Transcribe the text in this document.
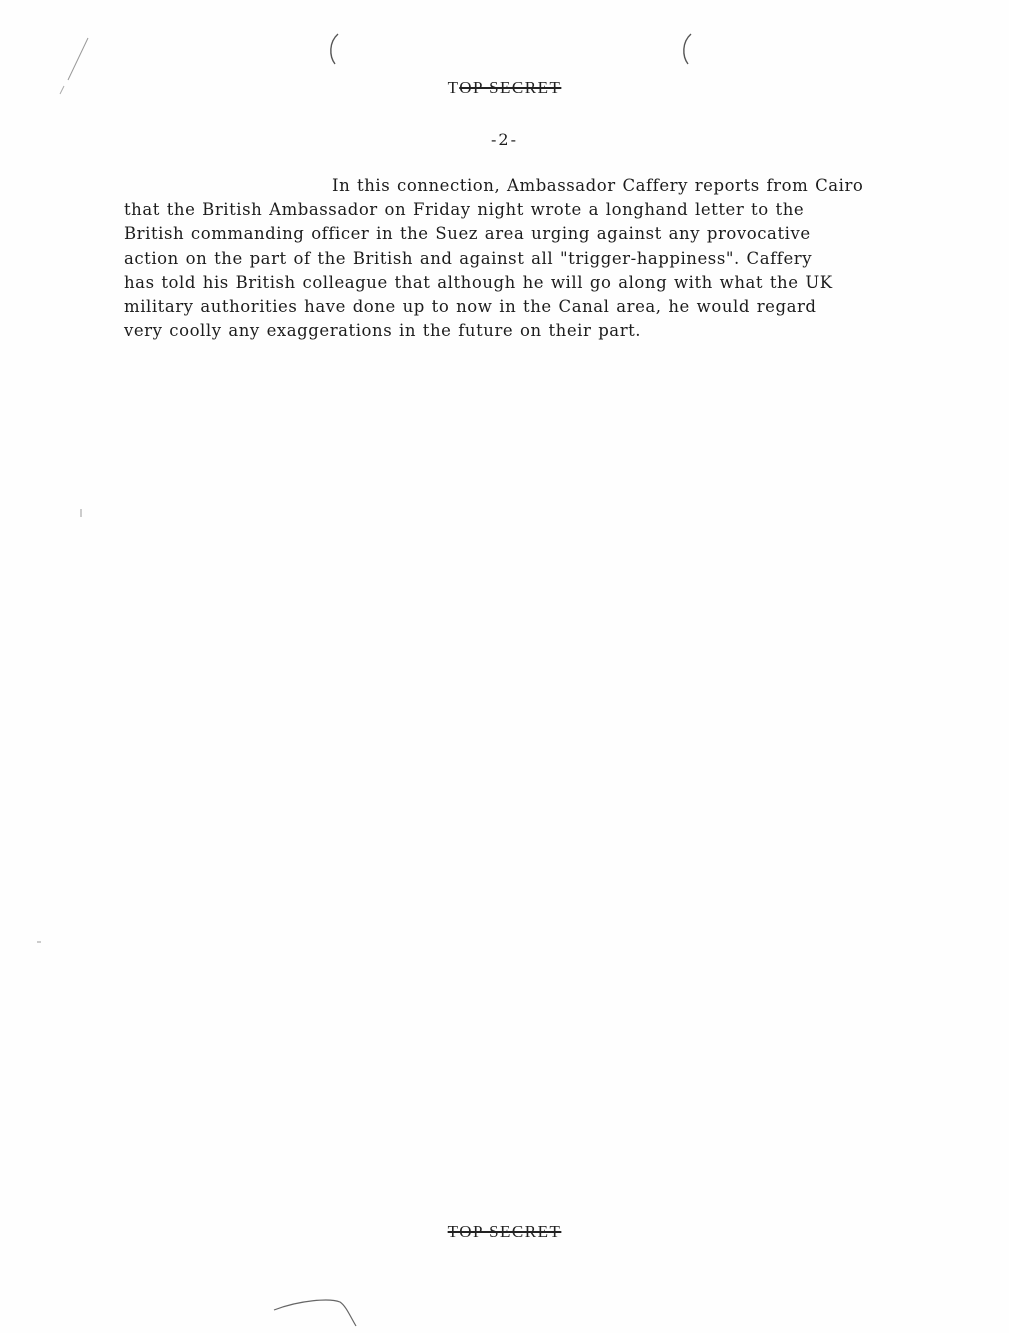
TOP SECRET
-2-
In this connection, Ambassador Caffery reports from Cairo
that the British Ambassador on Friday night wrote a longhand letter to the
British commanding officer in the Suez area urging against any provocative
action on the part of the British and against all "trigger-happiness". Caffery
has told his British colleague that although he will go along with what the UK
military authorities have done up to now in the Canal area, he would regard
very coolly any exaggerations in the future on their part.
TOP SECRET
